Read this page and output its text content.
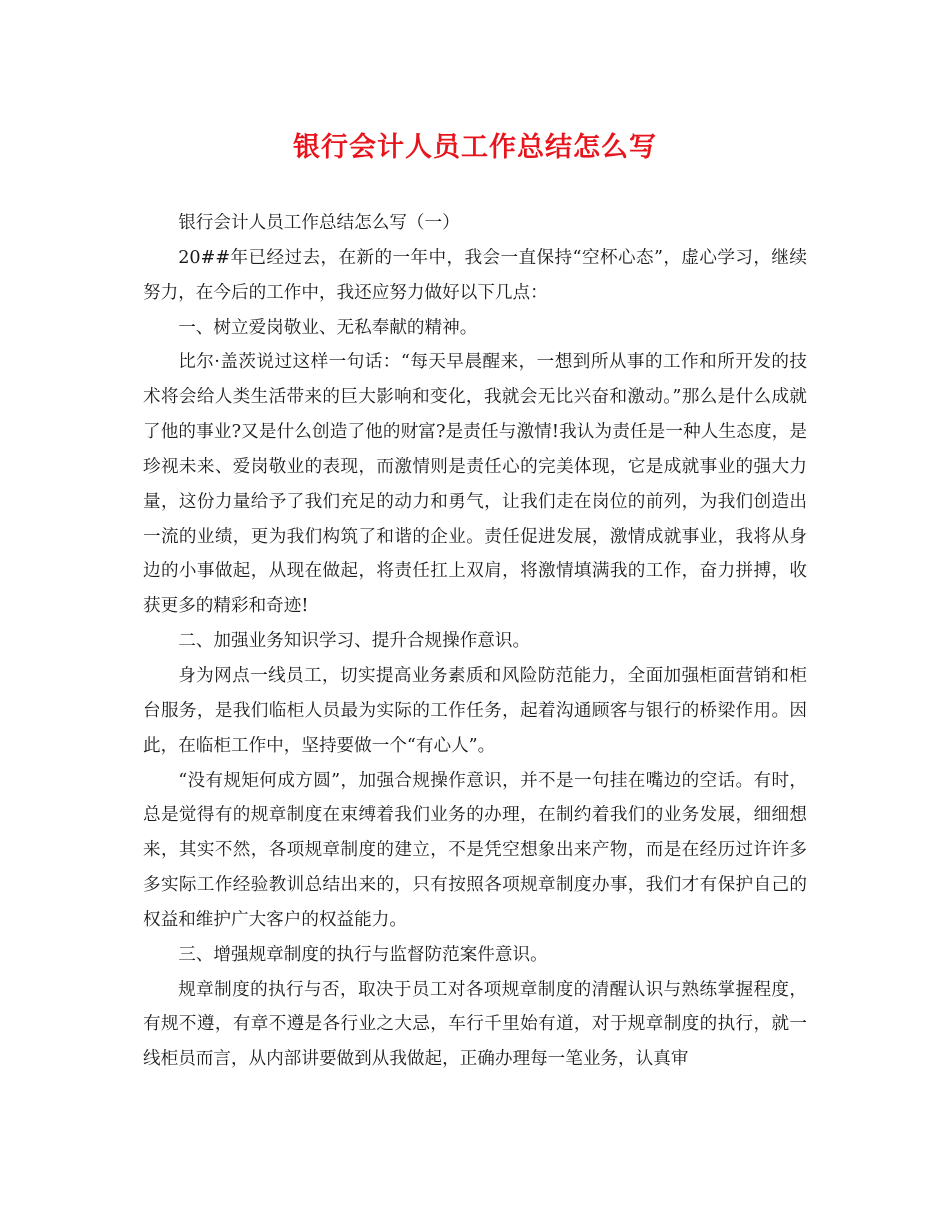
银行会计人员工作总结怎么写

银行会计人员工作总结怎么写（一）

20##年已经过去，在新的一年中，我会一直保持“空杯心态”，虚心学习，继续努力，在今后的工作中，我还应努力做好以下几点：

一、树立爱岗敬业、无私奉献的精神。

比尔·盖茨说过这样一句话：“每天早晨醒来，一想到所从事的工作和所开发的技术将会给人类生活带来的巨大影响和变化，我就会无比兴奋和激动。”那么是什么成就了他的事业?又是什么创造了他的财富?是责任与激情!我认为责任是一种人生态度，是珍视未来、爱岗敬业的表现，而激情则是责任心的完美体现，它是成就事业的强大力量，这份力量给予了我们充足的动力和勇气，让我们走在岗位的前列，为我们创造出一流的业绩，更为我们构筑了和谐的企业。责任促进发展，激情成就事业，我将从身边的小事做起，从现在做起，将责任扛上双肩，将激情填满我的工作，奋力拼搏，收获更多的精彩和奇迹!

二、加强业务知识学习、提升合规操作意识。

身为网点一线员工，切实提高业务素质和风险防范能力，全面加强柜面营销和柜台服务，是我们临柜人员最为实际的工作任务，起着沟通顾客与银行的桥梁作用。因此，在临柜工作中，坚持要做一个“有心人”。

“没有规矩何成方圆”，加强合规操作意识，并不是一句挂在嘴边的空话。有时，总是觉得有的规章制度在束缚着我们业务的办理，在制约着我们的业务发展，细细想来，其实不然，各项规章制度的建立，不是凭空想象出来产物，而是在经历过许许多多实际工作经验教训总结出来的，只有按照各项规章制度办事，我们才有保护自己的权益和维护广大客户的权益能力。

三、增强规章制度的执行与监督防范案件意识。

规章制度的执行与否，取决于员工对各项规章制度的清醒认识与熟练掌握程度，有规不遵，有章不遵是各行业之大忌，车行千里始有道，对于规章制度的执行，就一线柜员而言，从内部讲要做到从我做起，正确办理每一笔业务，认真审
